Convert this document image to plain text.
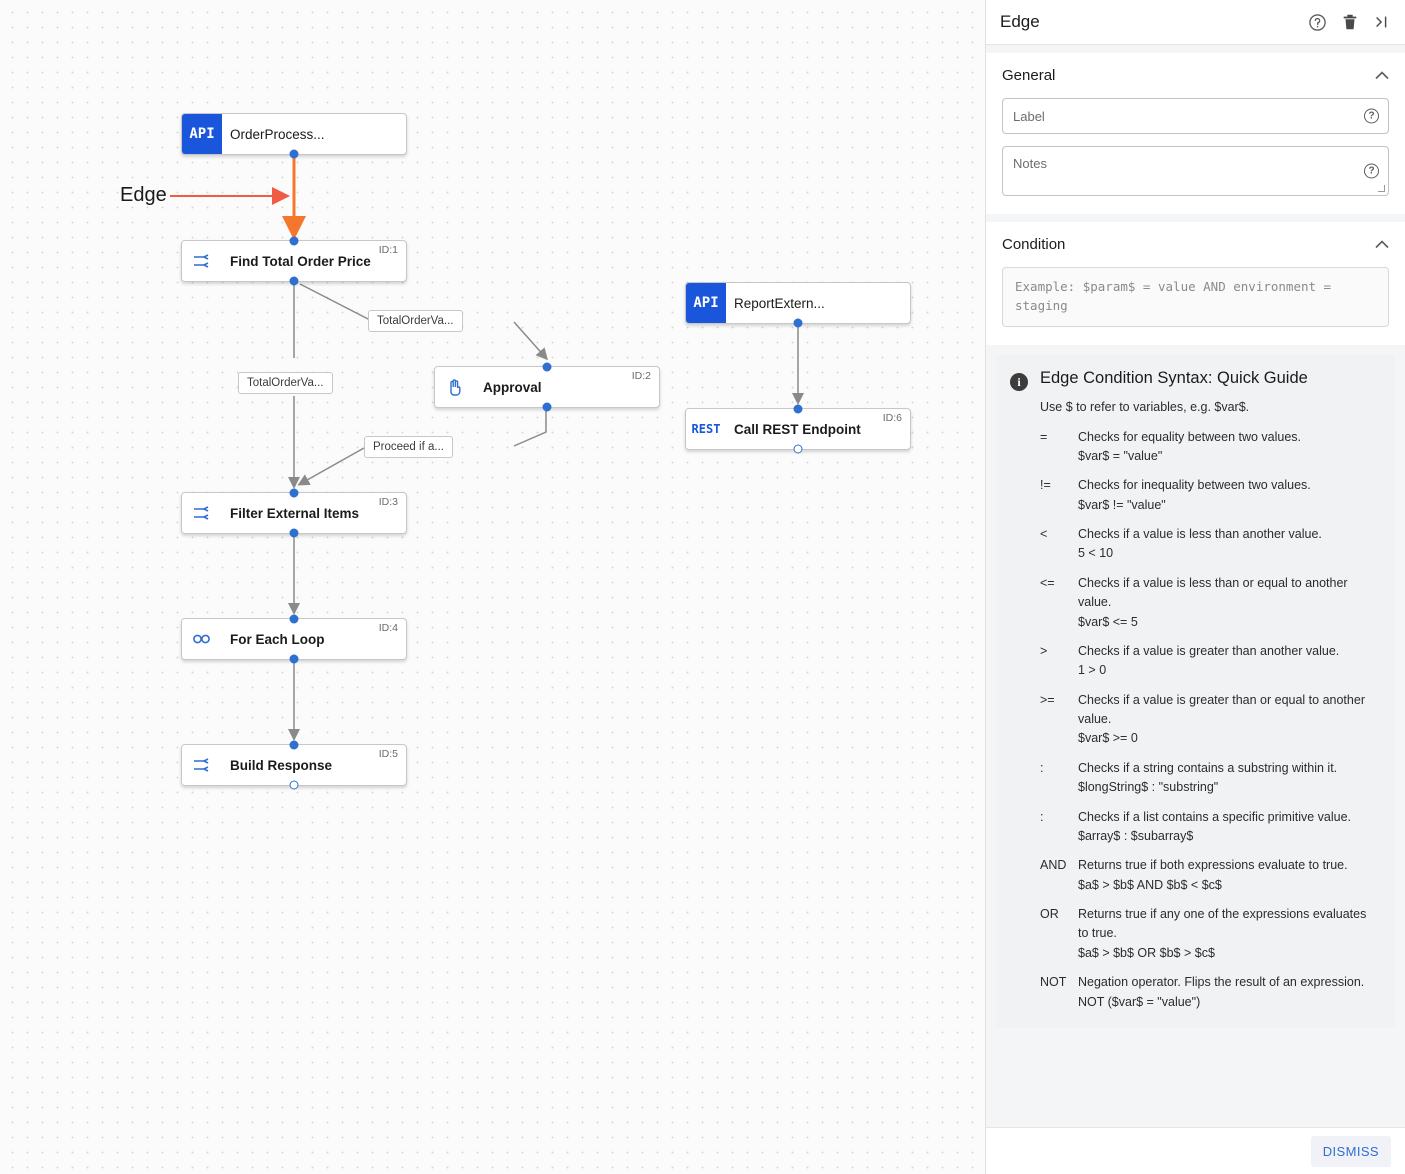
Edge
API	OrderProcess...
Find Total Order Price
ID:1
Approval
ID:2
Filter External Items
ID:3
For Each Loop
ID:4
Build Response
ID:5
API	ReportExtern...
REST	Call REST Endpoint
ID:6
TotalOrderVa...
TotalOrderVa...
Proceed if a...
Edge
General
Label	?
Notes	?
Condition
Example: $param$ = value AND environment = staging
i	Edge Condition Syntax: Quick Guide
Use $ to refer to variables, e.g. $var$.
=	Checks for equality between two values.
$var$ = "value"
!=	Checks for inequality between two values.
$var$ != "value"
<	Checks if a value is less than another value.
5 < 10
<=	Checks if a value is less than or equal to another value.
$var$ <= 5
>	Checks if a value is greater than another value.
1 > 0
>=	Checks if a value is greater than or equal to another value.
$var$ >= 0
:	Checks if a string contains a substring within it.
$longString$ : "substring"
:	Checks if a list contains a specific primitive value.
$array$ : $subarray$
AND Returns true if both expressions evaluate to true.
$a$ > $b$ AND $b$ < $c$
OR	Returns true if any one of the expressions evaluates to true.
$a$ > $b$ OR $b$ > $c$
NOT Negation operator. Flips the result of an expression.
NOT ($var$ = "value")
DISMISS
